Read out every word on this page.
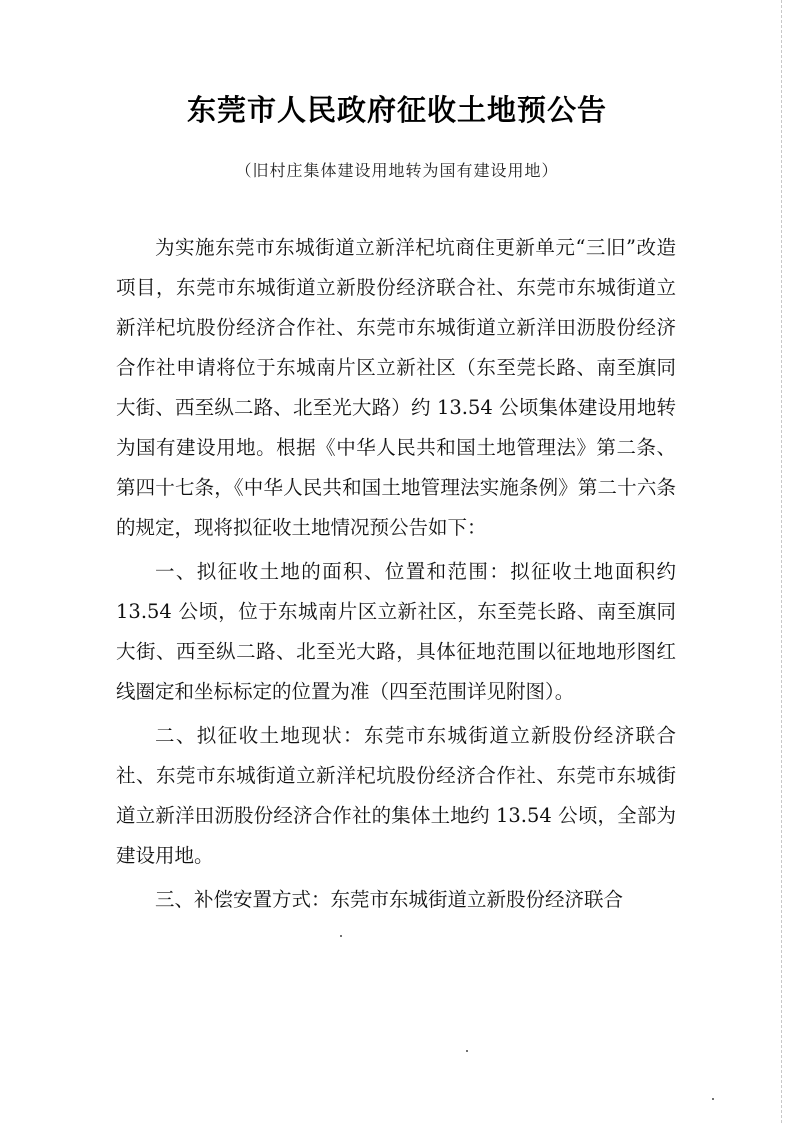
东莞市人民政府征收土地预公告
（旧村庄集体建设用地转为国有建设用地）

为实施东莞市东城街道立新洋杞坑商住更新单元“三旧”改造项目，东莞市东城街道立新股份经济联合社、东莞市东城街道立新洋杞坑股份经济合作社、东莞市东城街道立新洋田沥股份经济合作社申请将位于东城南片区立新社区（东至莞长路、南至旗同大街、西至纵二路、北至光大路）约 13.54 公顷集体建设用地转为国有建设用地。根据《中华人民共和国土地管理法》第二条、第四十七条，《中华人民共和国土地管理法实施条例》第二十六条的规定，现将拟征收土地情况预公告如下：

一、拟征收土地的面积、位置和范围：拟征收土地面积约 13.54 公顷，位于东城南片区立新社区，东至莞长路、南至旗同大街、西至纵二路、北至光大路，具体征地范围以征地地形图红线圈定和坐标标定的位置为准（四至范围详见附图）。

二、拟征收土地现状：东莞市东城街道立新股份经济联合社、东莞市东城街道立新洋杞坑股份经济合作社、东莞市东城街道立新洋田沥股份经济合作社的集体土地约 13.54 公顷，全部为建设用地。

三、补偿安置方式：东莞市东城街道立新股份经济联合
